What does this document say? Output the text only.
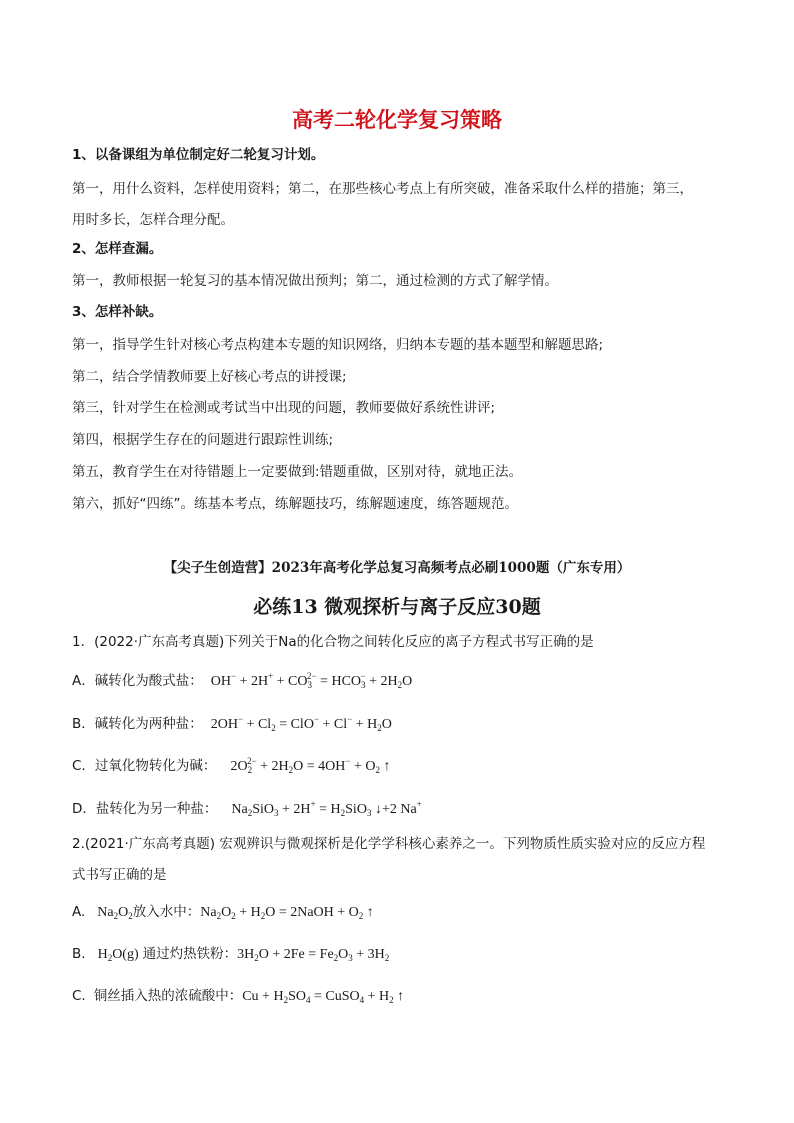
高考二轮化学复习策略
1、以备课组为单位制定好二轮复习计划。
第一，用什么资料，怎样使用资料；第二，在那些核心考点上有所突破，准备采取什么样的措施；第三，
用时多长，怎样合理分配。
2、怎样查漏。
第一，教师根据一轮复习的基本情况做出预判；第二，通过检测的方式了解学情。
3、怎样补缺。
第一，指导学生针对核心考点构建本专题的知识网络，归纳本专题的基本题型和解题思路;
第二，结合学情教师要上好核心考点的讲授课;
第三，针对学生在检测或考试当中出现的问题，教师要做好系统性讲评;
第四，根据学生存在的问题进行跟踪性训练;
第五，教育学生在对待错题上一定要做到:错题重做，区别对待，就地正法。
第六，抓好“四练”。练基本考点，练解题技巧，练解题速度，练答题规范。
【尖子生创造营】2023年高考化学总复习高频考点必刷1000题（广东专用）
必练13 微观探析与离子反应30题
1．(2022·广东高考真题)下列关于Na的化合物之间转化反应的离子方程式书写正确的是
A．碱转化为酸式盐： $OH^- + 2H^+ + CO_3^{2-} = HCO_3^- + 2H_2O$
B．碱转化为两种盐： $2OH^- + Cl_2 = ClO^- + Cl^- + H_2O$
C．过氧化物转化为碱： $2O_2^{2-} + 2H_2O = 4OH^- + O_2$ ↑
D．盐转化为另一种盐： $Na_2SiO_3 + 2H^+ = H_2SiO_3$ ↓+2 Na+
2.(2021·广东高考真题) 宏观辨识与微观探析是化学学科核心素养之一。下列物质性质实验对应的反应方程
式书写正确的是
A. $Na_2O_2$放入水中：$Na_2O_2 + H_2O$ = 2NaOH + $O_2$ ↑
B. $H_2O(g)$ 通过灼热铁粉：$3H_2O + 2Fe = Fe_2O_3 + 3H_2$
C. 铜丝插入热的浓硫酸中：$Cu + H_2SO_4$ = CuSO$_4$ + $H_2$ ↑
